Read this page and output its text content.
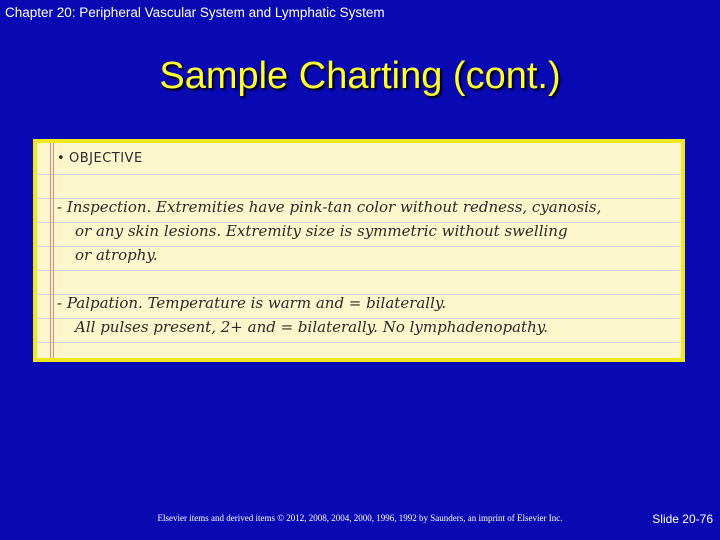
Chapter 20: Peripheral Vascular System and Lymphatic System
Sample Charting (cont.)
• OBJECTIVE
- Inspection. Extremities have pink-tan color without redness, cyanosis,
or any skin lesions. Extremity size is symmetric without swelling
or atrophy.
- Palpation. Temperature is warm and = bilaterally.
All pulses present, 2+ and = bilaterally. No lymphadenopathy.
Elsevier items and derived items © 2012, 2008, 2004, 2000, 1996, 1992 by Saunders, an imprint of Elsevier Inc.	Slide 20-76
